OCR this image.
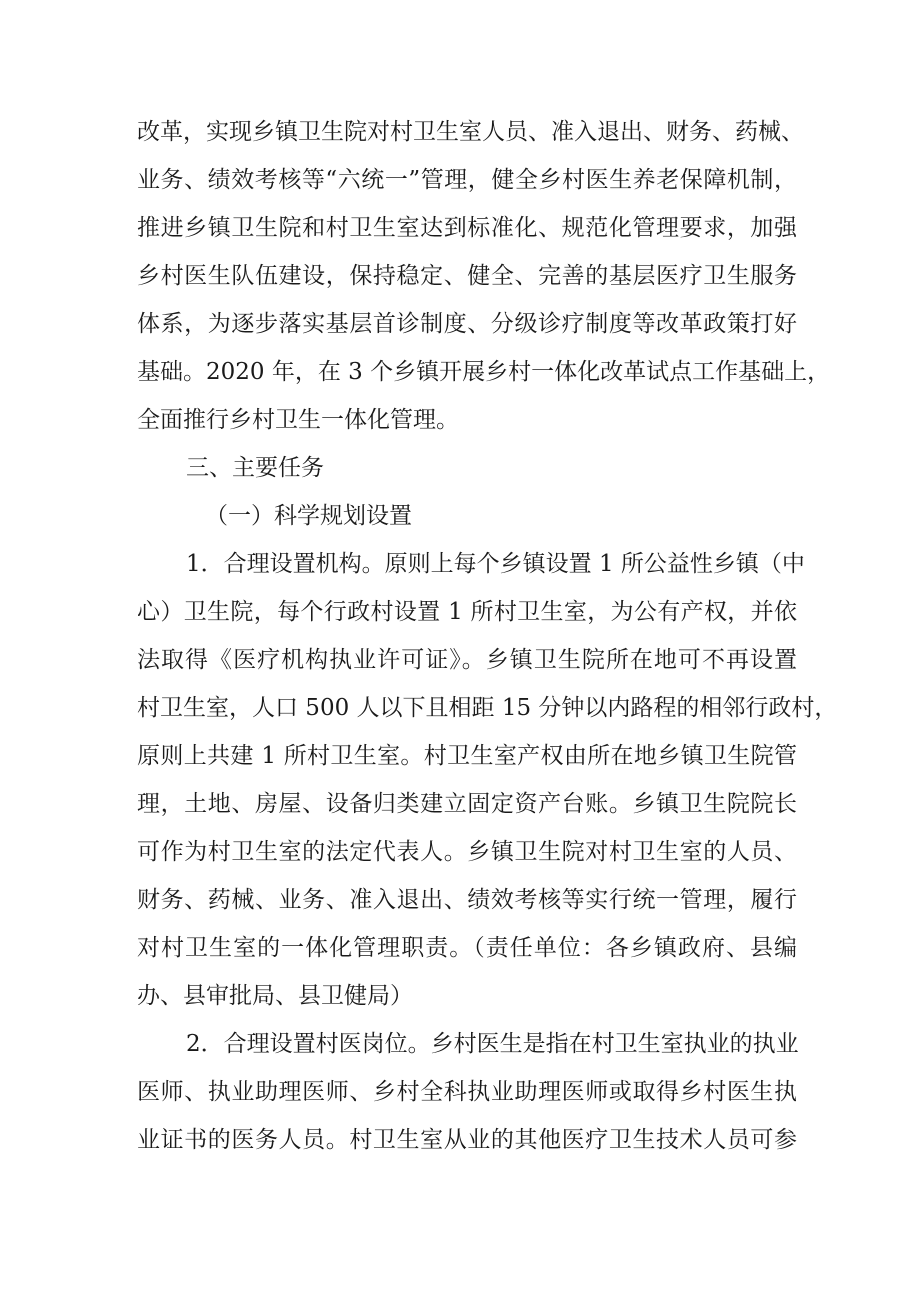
改革，实现乡镇卫生院对村卫生室人员、准入退出、财务、药械、

业务、绩效考核等“六统一”管理，健全乡村医生养老保障机制，

推进乡镇卫生院和村卫生室达到标准化、规范化管理要求，加强

乡村医生队伍建设，保持稳定、健全、完善的基层医疗卫生服务

体系，为逐步落实基层首诊制度、分级诊疗制度等改革政策打好

基础。2020 年，在 3 个乡镇开展乡村一体化改革试点工作基础上，

全面推行乡村卫生一体化管理。

三、主要任务

（一）科学规划设置

1．合理设置机构。原则上每个乡镇设置 1 所公益性乡镇（中

心）卫生院，每个行政村设置 1 所村卫生室，为公有产权，并依

法取得《医疗机构执业许可证》。乡镇卫生院所在地可不再设置

村卫生室，人口 500 人以下且相距 15 分钟以内路程的相邻行政村，

原则上共建 1 所村卫生室。村卫生室产权由所在地乡镇卫生院管

理，土地、房屋、设备归类建立固定资产台账。乡镇卫生院院长

可作为村卫生室的法定代表人。乡镇卫生院对村卫生室的人员、

财务、药械、业务、准入退出、绩效考核等实行统一管理，履行

对村卫生室的一体化管理职责。（责任单位：各乡镇政府、县编

办、县审批局、县卫健局）

2．合理设置村医岗位。乡村医生是指在村卫生室执业的执业

医师、执业助理医师、乡村全科执业助理医师或取得乡村医生执

业证书的医务人员。村卫生室从业的其他医疗卫生技术人员可参
